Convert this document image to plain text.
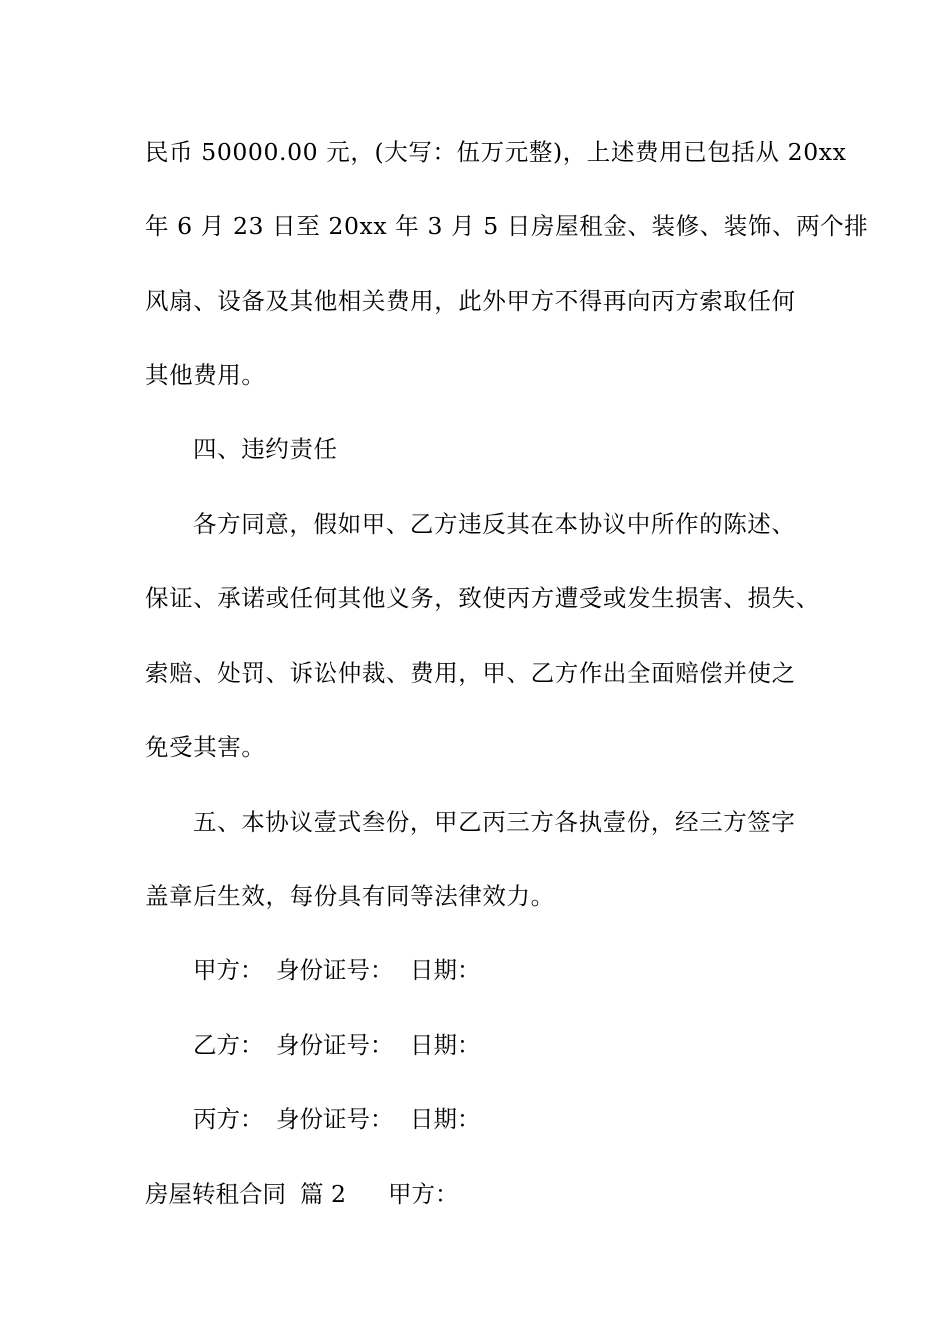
民币 50000.00 元，(大写：伍万元整)，上述费用已包括从 20xx
年 6 月 23 日至 20xx 年 3 月 5 日房屋租金、装修、装饰、两个排
风扇、设备及其他相关费用，此外甲方不得再向丙方索取任何
其他费用。
四、违约责任
各方同意，假如甲、乙方违反其在本协议中所作的陈述、
保证、承诺或任何其他义务，致使丙方遭受或发生损害、损失、
索赔、处罚、诉讼仲裁、费用，甲、乙方作出全面赔偿并使之
免受其害。
五、本协议壹式叁份，甲乙丙三方各执壹份，经三方签字
盖章后生效，每份具有同等法律效力。
甲方： 身份证号： 日期：
乙方： 身份证号： 日期：
丙方： 身份证号： 日期：
房屋转租合同 篇 2 甲方：
